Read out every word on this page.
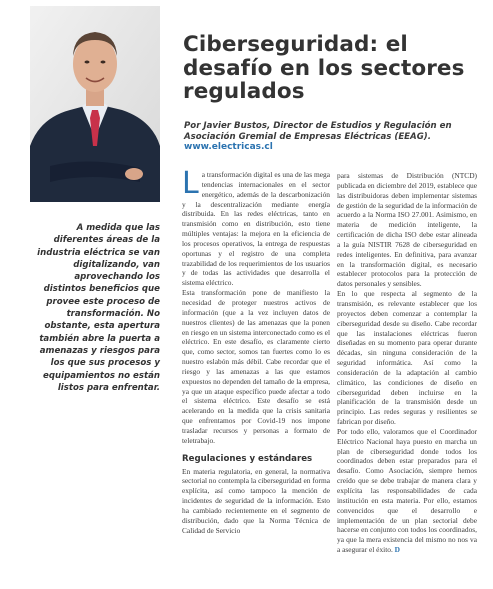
Ciberseguridad: el desafío en los sectores regulados

Por Javier Bustos, Director de Estudios y Regulación en Asociación Gremial de Empresas Eléctricas (EEAG).

www.electricas.cl

A medida que las diferentes áreas de la industria eléctrica se van digitalizando, van aprovechando los distintos beneficios que provee este proceso de transformación. No obstante, esta apertura también abre la puerta a amenazas y riesgos para los que sus procesos y equipamientos no están listos para enfrentar.

La transformación digital es una de las mega tendencias internacionales en el sector energético, además de la descarbonización y la descentralización mediante energía distribuida. En las redes eléctricas, tanto en transmisión como en distribución, esto tiene múltiples ventajas: la mejora en la eficiencia de los procesos operativos, la entrega de respuestas oportunas y el registro de una completa trazabilidad de los requerimientos de los usuarios y de todas las actividades que desarrolla el sistema eléctrico.

Esta transformación pone de manifiesto la necesidad de proteger nuestros activos de información (que a la vez incluyen datos de nuestros clientes) de las amenazas que la ponen en riesgo en un sistema interconectado como es el eléctrico. En este desafío, es claramente cierto que, como sector, somos tan fuertes como lo es nuestro eslabón más débil. Cabe recordar que el riesgo y las amenazas a las que estamos expuestos no dependen del tamaño de la empresa, ya que un ataque específico puede afectar a todo el sistema eléctrico. Este desafío se está acelerando en la medida que la crisis sanitaria que enfrentamos por Covid-19 nos impone trasladar recursos y personas a formato de teletrabajo.

Regulaciones y estándares

En materia regulatoria, en general, la normativa sectorial no contempla la ciberseguridad en forma explícita, así como tampoco la mención de incidentes de seguridad de la información. Esto ha cambiado recientemente en el segmento de distribución, dado que la Norma Técnica de Calidad de Servicio

para sistemas de Distribución (NTCD) publicada en diciembre del 2019, establece que las distribuidoras deben implementar sistemas de gestión de la seguridad de la información de acuerdo a la Norma ISO 27.001. Asimismo, en materia de medición inteligente, la certificación de dicha ISO debe estar alineada a la guía NISTIR 7628 de ciberseguridad en redes inteligentes. En definitiva, para avanzar en la transformación digital, es necesario establecer protocolos para la protección de datos personales y sensibles.

En lo que respecta al segmento de la transmisión, es relevante establecer que los proyectos deben comenzar a contemplar la ciberseguridad desde su diseño. Cabe recordar que las instalaciones eléctricas fueron diseñadas en su momento para operar durante décadas, sin ninguna consideración de la seguridad informática. Así como la consideración de la adaptación al cambio climático, las condiciones de diseño en ciberseguridad deben incluirse en la planificación de la transmisión desde un principio. Las redes seguras y resilientes se fabrican por diseño.

Por todo ello, valoramos que el Coordinador Eléctrico Nacional haya puesto en marcha un plan de ciberseguridad donde todos los coordinados deben estar preparados para el desafío. Como Asociación, siempre hemos creído que se debe trabajar de manera clara y explícita las responsabilidades de cada institución en esta materia. Por ello, estamos convencidos que el desarrollo e implementación de un plan sectorial debe hacerse en conjunto con todos los coordinados, ya que la mera existencia del mismo no nos va a asegurar el éxito. D
